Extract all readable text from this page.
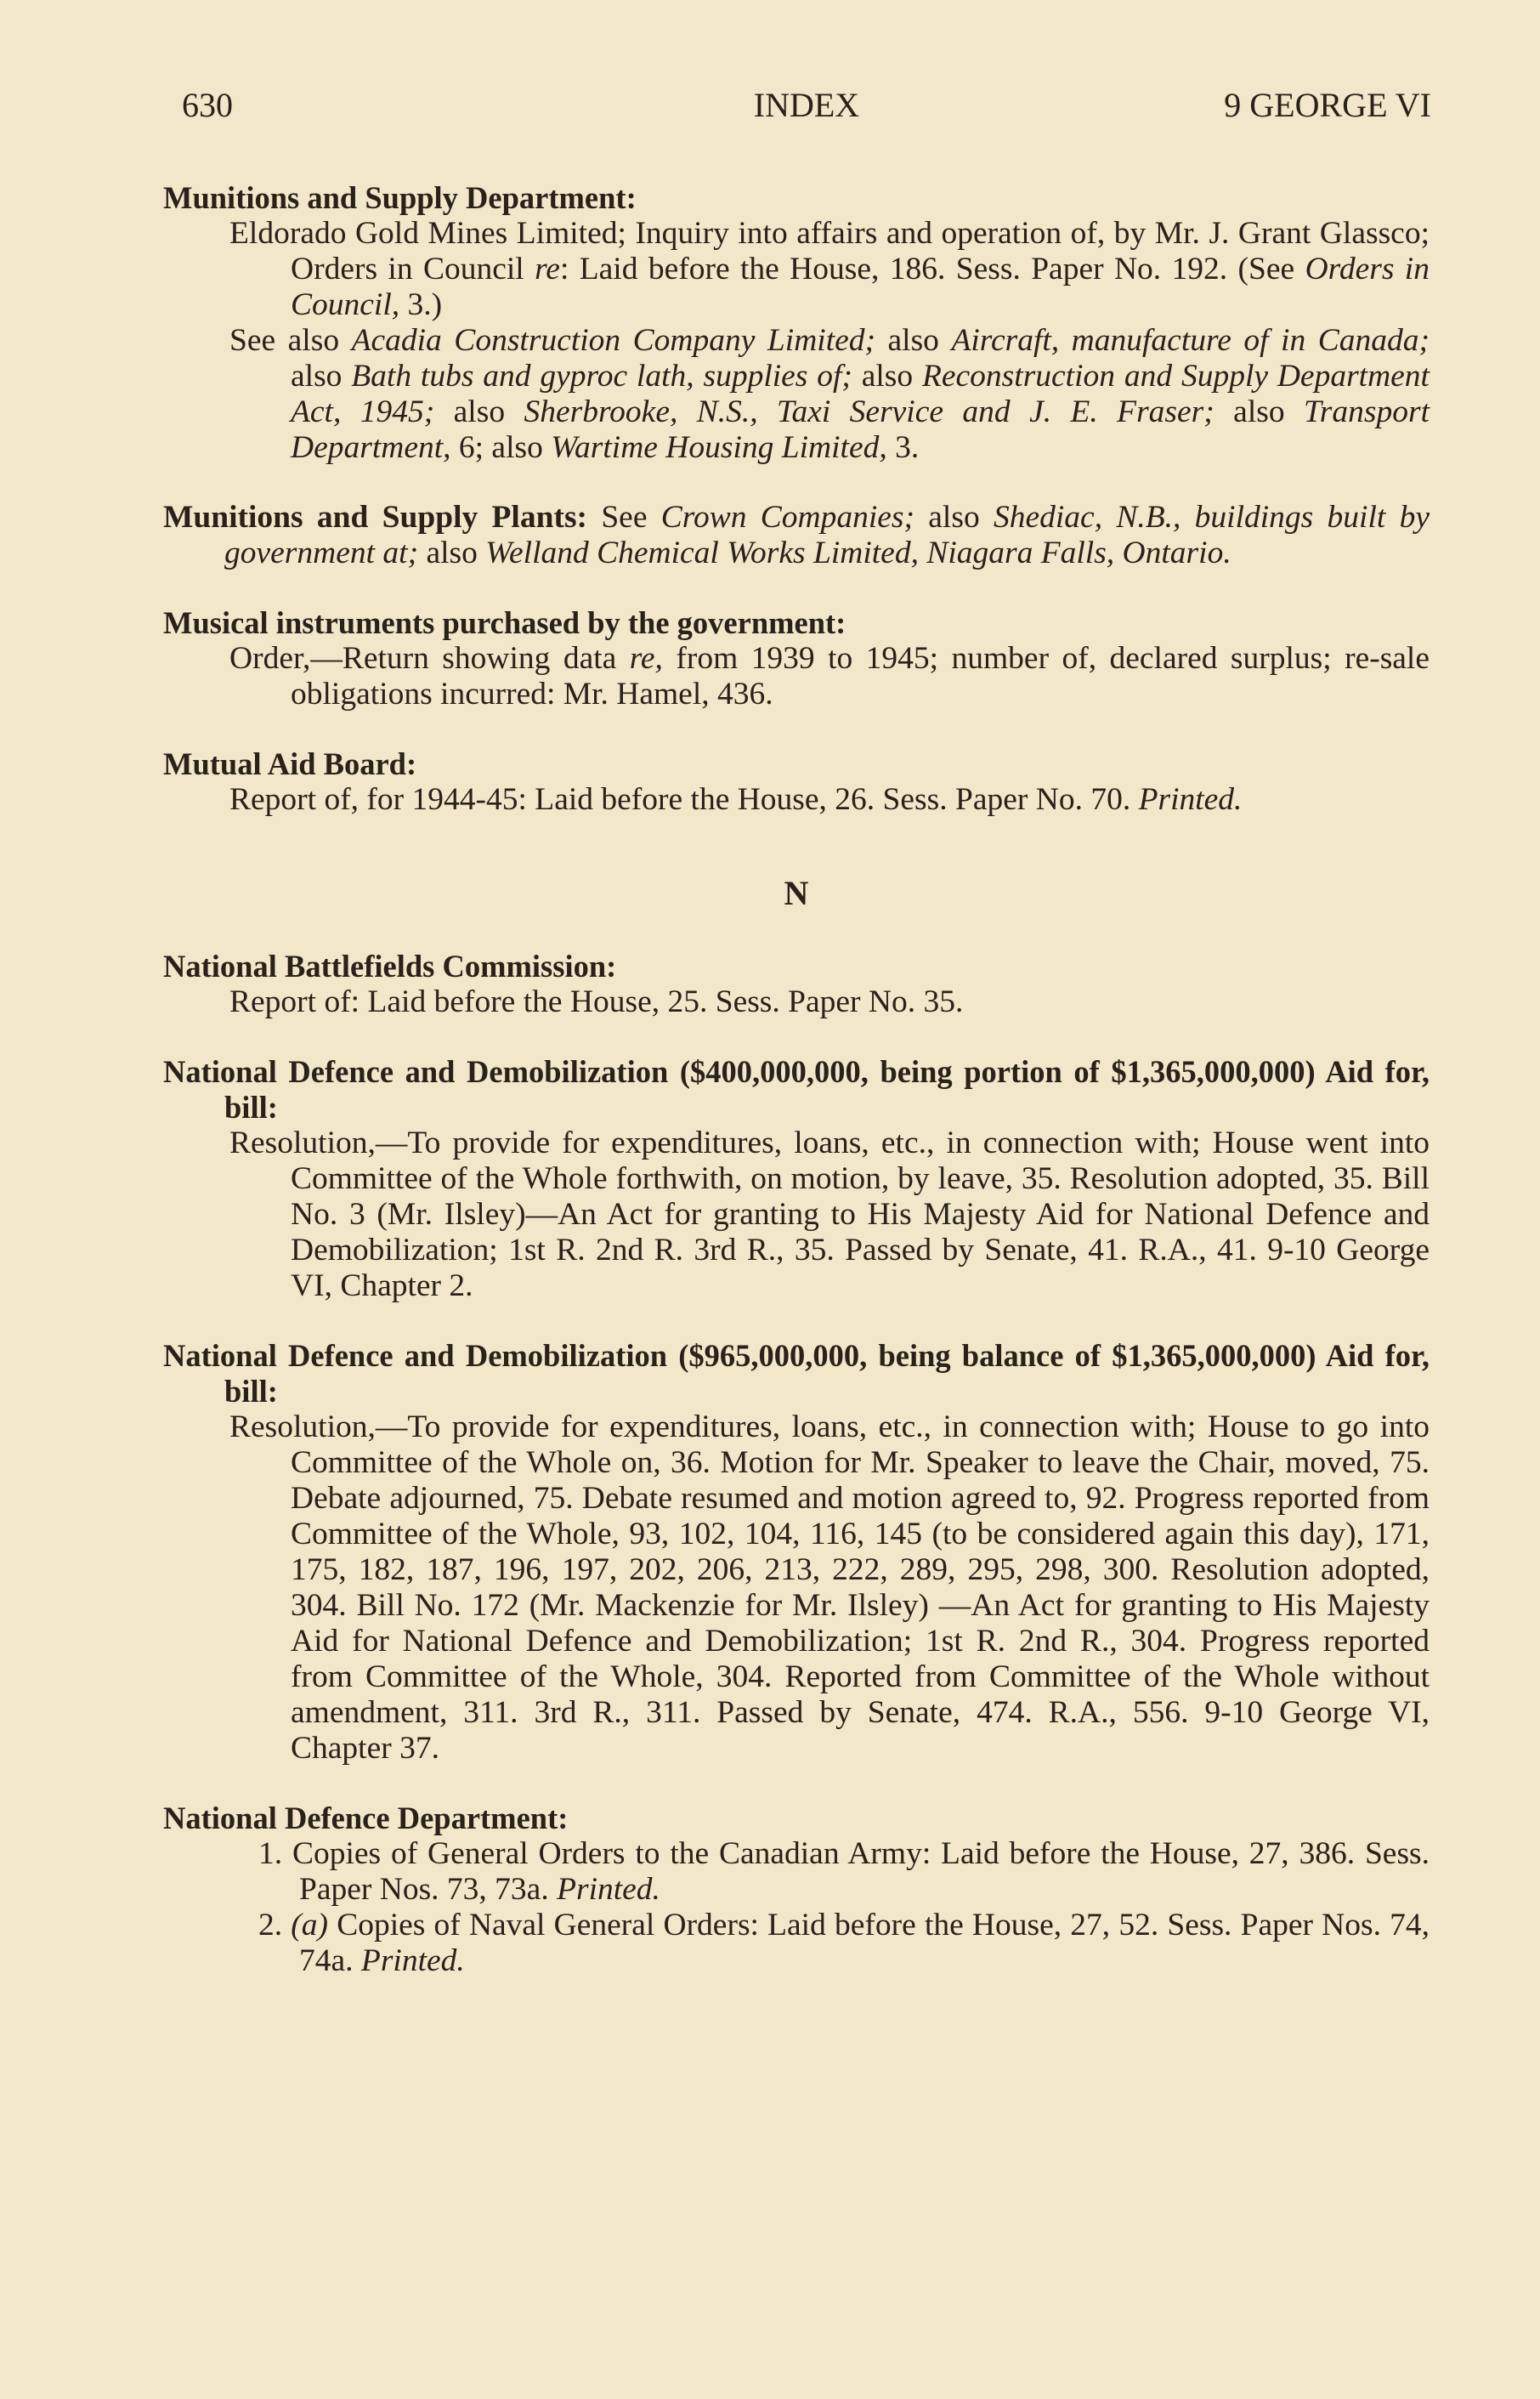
630	INDEX	9 GEORGE VI

Munitions and Supply Department:

Eldorado Gold Mines Limited; Inquiry into affairs and operation of, by Mr. J. Grant Glassco; Orders in Council re: Laid before the House, 186. Sess. Paper No. 192. (See Orders in Council, 3.)

See also Acadia Construction Company Limited; also Aircraft, manufacture of in Canada; also Bath tubs and gyproc lath, supplies of; also Reconstruction and Supply Department Act, 1945; also Sherbrooke, N.S., Taxi Service and J. E. Fraser; also Transport Department, 6; also Wartime Housing Limited, 3.

Munitions and Supply Plants: See Crown Companies; also Shediac, N.B., buildings built by government at; also Welland Chemical Works Limited, Niagara Falls, Ontario.

Musical instruments purchased by the government:

Order,—Return showing data re, from 1939 to 1945; number of, declared surplus; re-sale obligations incurred: Mr. Hamel, 436.

Mutual Aid Board:

Report of, for 1944-45: Laid before the House, 26. Sess. Paper No. 70. Printed.

N

National Battlefields Commission:

Report of: Laid before the House, 25. Sess. Paper No. 35.

National Defence and Demobilization ($400,000,000, being portion of $1,365,000,000) Aid for, bill:

Resolution,—To provide for expenditures, loans, etc., in connection with; House went into Committee of the Whole forthwith, on motion, by leave, 35. Resolution adopted, 35. Bill No. 3 (Mr. Ilsley)—An Act for granting to His Majesty Aid for National Defence and Demobilization; 1st R. 2nd R. 3rd R., 35. Passed by Senate, 41. R.A., 41. 9-10 George VI, Chapter 2.

National Defence and Demobilization ($965,000,000, being balance of $1,365,000,000) Aid for, bill:

Resolution,—To provide for expenditures, loans, etc., in connection with; House to go into Committee of the Whole on, 36. Motion for Mr. Speaker to leave the Chair, moved, 75. Debate adjourned, 75. Debate resumed and motion agreed to, 92. Progress reported from Committee of the Whole, 93, 102, 104, 116, 145 (to be considered again this day), 171, 175, 182, 187, 196, 197, 202, 206, 213, 222, 289, 295, 298, 300. Resolution adopted, 304. Bill No. 172 (Mr. Mackenzie for Mr. Ilsley) —An Act for granting to His Majesty Aid for National Defence and Demobilization; 1st R. 2nd R., 304. Progress reported from Committee of the Whole, 304. Reported from Committee of the Whole without amendment, 311. 3rd R., 311. Passed by Senate, 474. R.A., 556. 9-10 George VI, Chapter 37.

National Defence Department:

1. Copies of General Orders to the Canadian Army: Laid before the House, 27, 386. Sess. Paper Nos. 73, 73a. Printed.

2. (a) Copies of Naval General Orders: Laid before the House, 27, 52. Sess. Paper Nos. 74, 74a. Printed.
